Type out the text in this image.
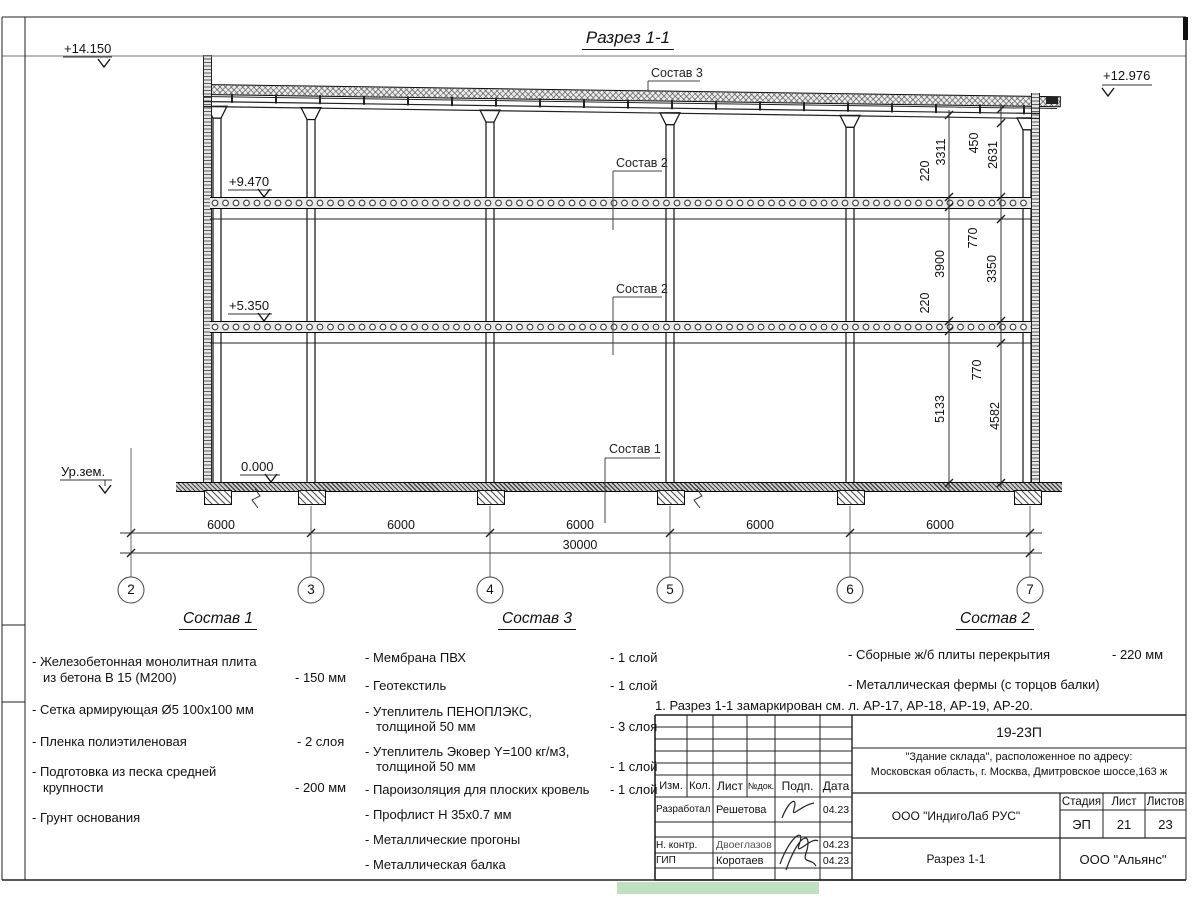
Разрез 1-1
+14.150
+12.976
+9.470
+5.350
0.000
Ур.зем.
Состав 3
Состав 2
Состав 2
Состав 1
6000	6000	6000	6000	6000
30000
2	3	4	5	6	7
3311
3900
5133
2631
3350
4582
220
220
770
770
450
Состав 1
- Железобетонная монолитная плита
из бетона В 15 (М200)	- 150 мм
- Сетка армирующая Ø5 100х100 мм
- Пленка полиэтиленовая	- 2 слоя
- Подготовка из песка средней
крупности	- 200 мм
- Грунт основания
Состав 3
- Мембрана ПВХ	- 1 слой
- Геотекстиль	- 1 слой
- Утеплитель ПЕНОПЛЭКС,
толщиной 50 мм	- 3 слоя
- Утеплитель Эковер Y=100 кг/м3,
толщиной 50 мм	- 1 слой
- Пароизоляция для плоских кровель - 1 слой
- Профлист Н 35х0.7 мм
- Металлические прогоны
- Металлическая балка
Состав 2
- Сборные ж/б плиты перекрытия	- 220 мм
- Металлическая фермы (с торцов балки)
1. Разрез 1-1 замаркирован см. л. АР-17, АР-18, АР-19, АР-20.
Изм. Кол. Лист №док. Подп. Дата
Разработал Решетова	04.23
Н. контр.	Двоеглазов	04.23
ГИП	Коротаев	04.23
19-23П
"Здание склада", расположенное по адресу:
Московская область, г. Москва, Дмитровское шоссе,163 ж
ООО "ИндигоЛаб РУС"
Стадия Лист Листов
ЭП	21	23
Разрез 1-1	ООО "Альянс"
